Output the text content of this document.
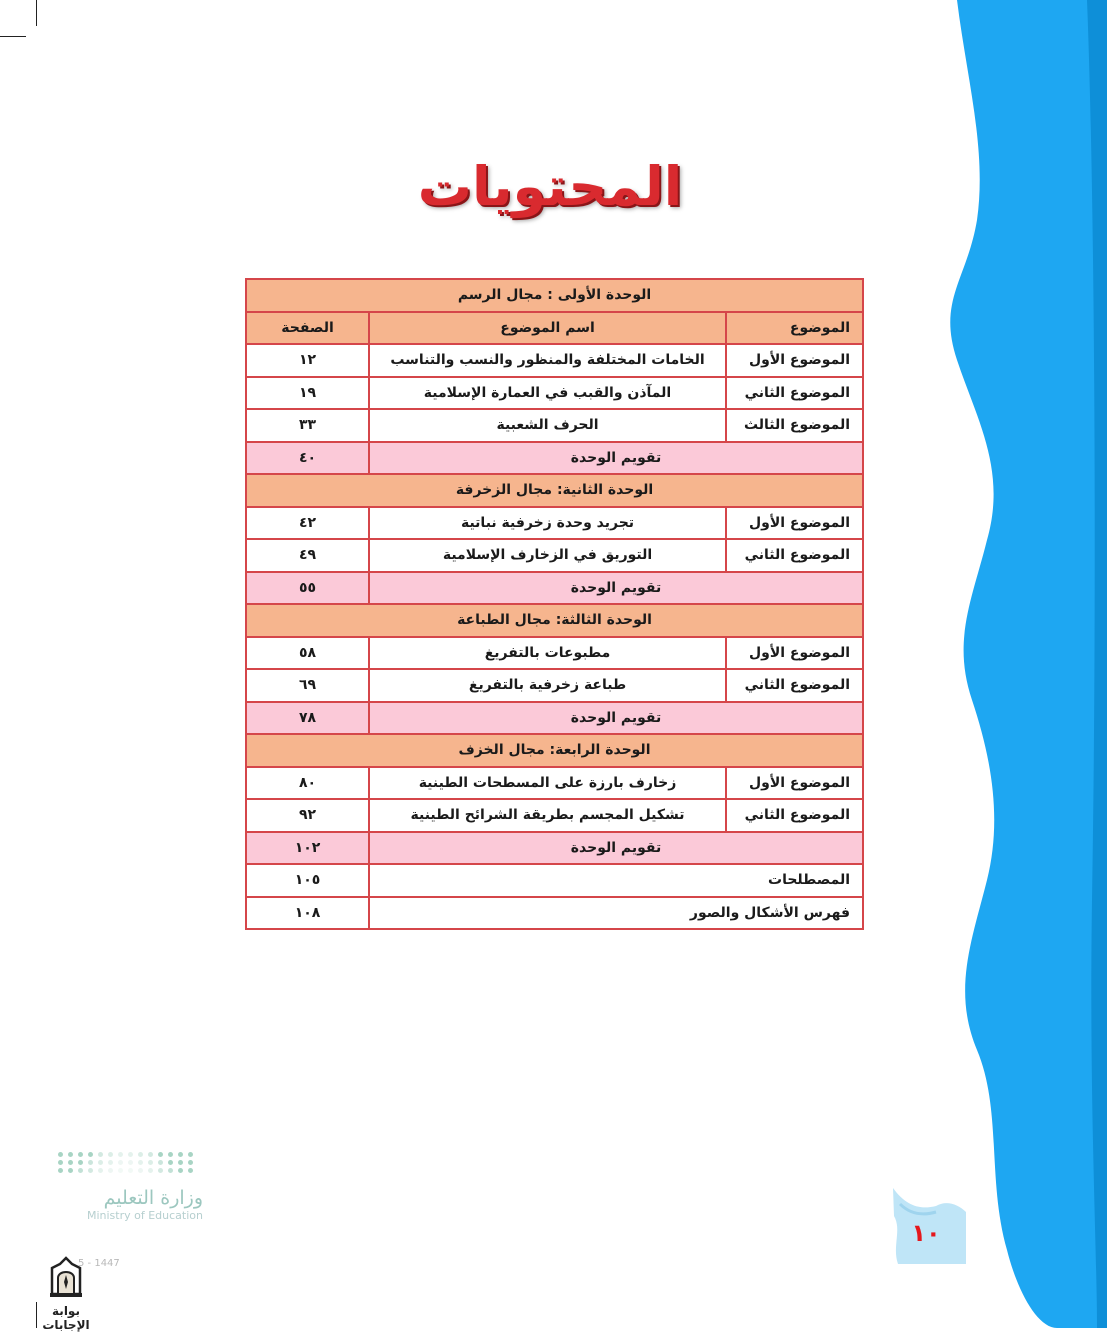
المحتويات
الوحدة الأولى : مجال الرسم		
الموضوع	اسم الموضوع	الصفحة
الموضوع الأول	الخامات المختلفة والمنظور والنسب والتناسب	١٢
الموضوع الثاني	المآذن والقبب في العمارة الإسلامية	١٩
الموضوع الثالث	الحرف الشعبية	٣٣
تقويم الوحدة		٤٠
الوحدة الثانية: مجال الزخرفة		
الموضوع الأول	تجريد وحدة زخرفية نباتية	٤٢
الموضوع الثاني	التوريق في الزخارف الإسلامية	٤٩
تقويم الوحدة		٥٥
الوحدة الثالثة: مجال الطباعة		
الموضوع الأول	مطبوعات بالتفريغ	٥٨
الموضوع الثاني	طباعة زخرفية بالتفريغ	٦٩
تقويم الوحدة		٧٨
الوحدة الرابعة: مجال الخزف		
الموضوع الأول	زخارف بارزة على المسطحات الطينية	٨٠
الموضوع الثاني	تشكيل المجسم بطريقة الشرائح الطينية	٩٢
تقويم الوحدة		١٠٢
المصطلحات		١٠٥
فهرس الأشكال والصور		١٠٨
وزارة التعليم
Ministry of Education
5 - 1447
بوابة الإجابات
١٠
